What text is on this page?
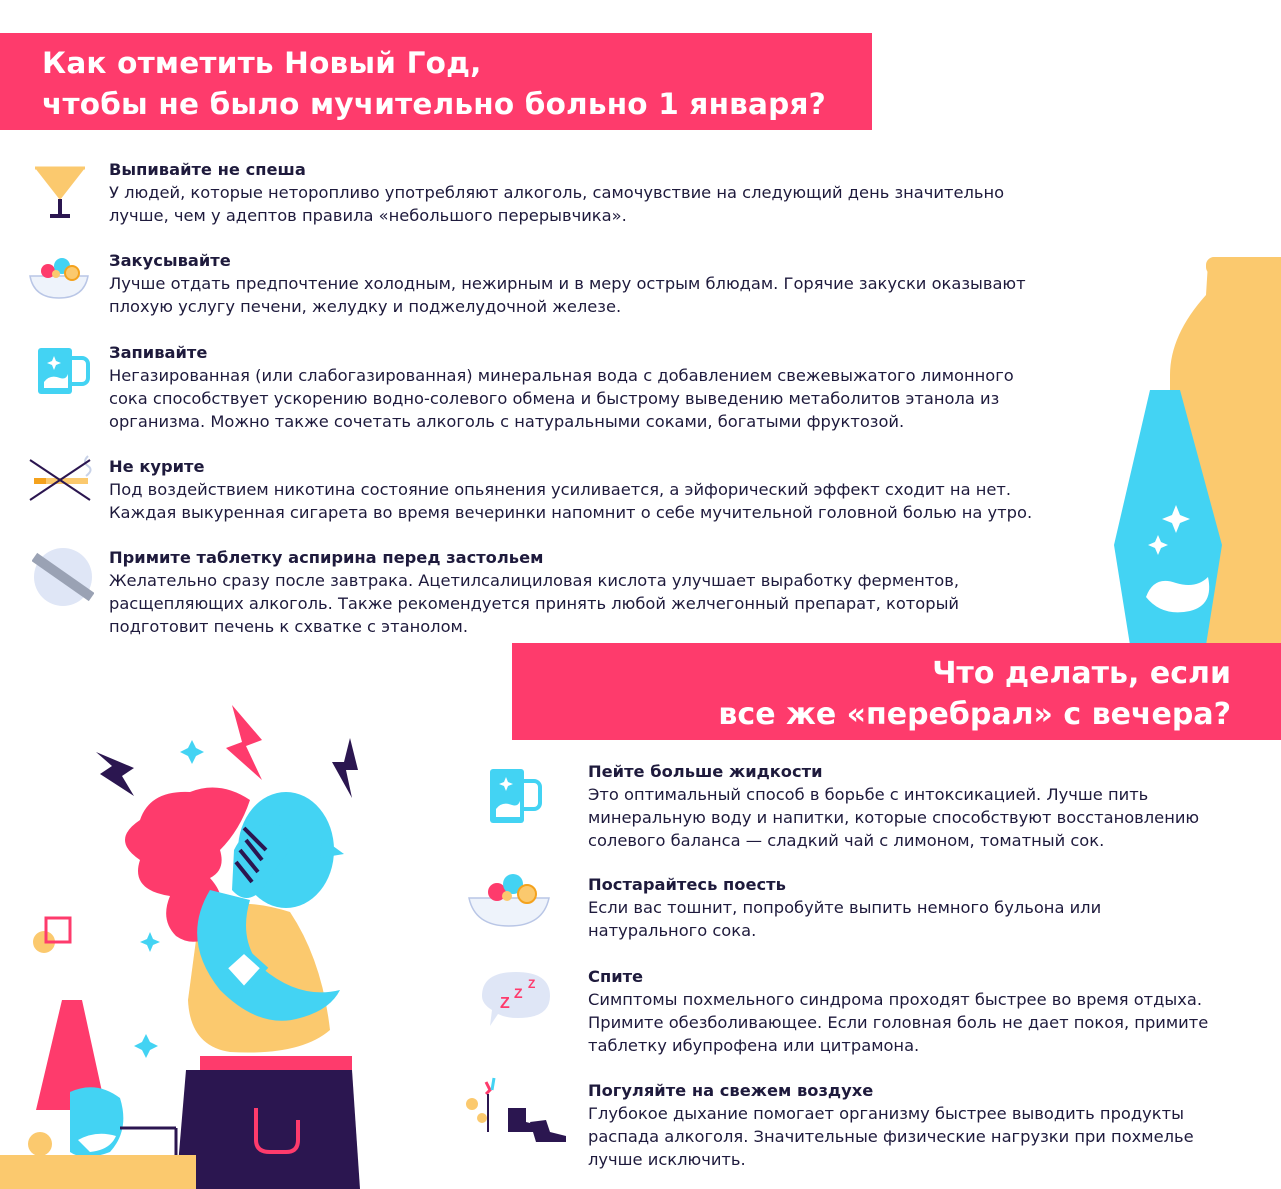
Как отметить Новый Год,
чтобы не было мучительно больно 1 января?
Выпивайте не спеша
У людей, которые неторопливо употребляют алкоголь, самочувствие на следующий день значительно
лучше, чем у адептов правила «небольшого перерывчика».
Закусывайте
Лучше отдать предпочтение холодным, нежирным и в меру острым блюдам. Горячие закуски оказывают
плохую услугу печени, желудку и поджелудочной железе.
Запивайте
Негазированная (или слабогазированная) минеральная вода с добавлением свежевыжатого лимонного
сока способствует ускорению водно-солевого обмена и быстрому выведению метаболитов этанола из
организма. Можно также сочетать алкоголь с натуральными соками, богатыми фруктозой.
Не курите
Под воздействием никотина состояние опьянения усиливается, а эйфорический эффект сходит на нет.
Каждая выкуренная сигарета во время вечеринки напомнит о себе мучительной головной болью на утро.
Примите таблетку аспирина перед застольем
Желательно сразу после завтрака. Ацетилсалициловая кислота улучшает выработку ферментов,
расщепляющих алкоголь. Также рекомендуется принять любой желчегонный препарат, который
подготовит печень к схватке с этанолом.
Что делать, если
все же «перебрал» с вечера?
Пейте больше жидкости
Это оптимальный способ в борьбе с интоксикацией. Лучше пить
минеральную воду и напитки, которые способствуют восстановлению
солевого баланса — сладкий чай с лимоном, томатный сок.
Постарайтесь поесть
Если вас тошнит, попробуйте выпить немного бульона или
натурального сока.
Z
Z
Z	Спите
Симптомы похмельного синдрома проходят быстрее во время отдыха.
Примите обезболивающее. Если головная боль не дает покоя, примите
таблетку ибупрофена или цитрамона.
Погуляйте на свежем воздухе
Глубокое дыхание помогает организму быстрее выводить продукты
распада алкоголя. Значительные физические нагрузки при похмелье
лучше исключить.
